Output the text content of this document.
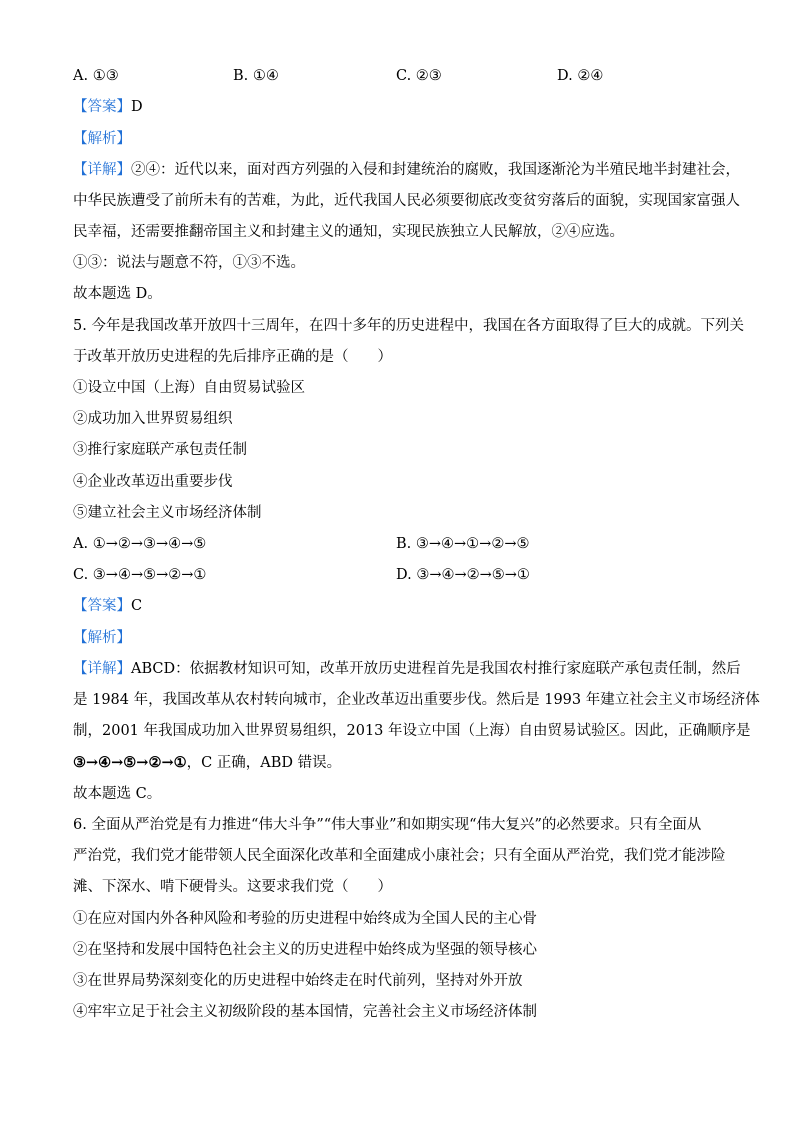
A. ①③	B. ①④	C. ②③	D. ②④
【答案】D
【解析】
【详解】②④：近代以来，面对西方列强的入侵和封建统治的腐败，我国逐渐沦为半殖民地半封建社会，
中华民族遭受了前所未有的苦难，为此，近代我国人民必须要彻底改变贫穷落后的面貌，实现国家富强人
民幸福，还需要推翻帝国主义和封建主义的通知，实现民族独立人民解放，②④应选。
①③：说法与题意不符，①③不选。
故本题选 D。
5. 今年是我国改革开放四十三周年，在四十多年的历史进程中，我国在各方面取得了巨大的成就。下列关
于改革开放历史进程的先后排序正确的是（　　）
①设立中国（上海）自由贸易试验区
②成功加入世界贸易组织
③推行家庭联产承包责任制
④企业改革迈出重要步伐
⑤建立社会主义市场经济体制
A. ①→②→③→④→⑤	B. ③→④→①→②→⑤
C. ③→④→⑤→②→①	D. ③→④→②→⑤→①
【答案】C
【解析】
【详解】ABCD：依据教材知识可知，改革开放历史进程首先是我国农村推行家庭联产承包责任制，然后
是 1984 年，我国改革从农村转向城市，企业改革迈出重要步伐。然后是 1993 年建立社会主义市场经济体
制，2001 年我国成功加入世界贸易组织，2013 年设立中国（上海）自由贸易试验区。因此，正确顺序是
③→④→⑤→②→①，C 正确，ABD 错误。
故本题选 C。
6. 全面从严治党是有力推进“伟大斗争”“伟大事业”和如期实现“伟大复兴”的必然要求。只有全面从
严治党，我们党才能带领人民全面深化改革和全面建成小康社会；只有全面从严治党，我们党才能涉险
滩、下深水、啃下硬骨头。这要求我们党（　　）
①在应对国内外各种风险和考验的历史进程中始终成为全国人民的主心骨
②在坚持和发展中国特色社会主义的历史进程中始终成为坚强的领导核心
③在世界局势深刻变化的历史进程中始终走在时代前列，坚持对外开放
④牢牢立足于社会主义初级阶段的基本国情，完善社会主义市场经济体制
